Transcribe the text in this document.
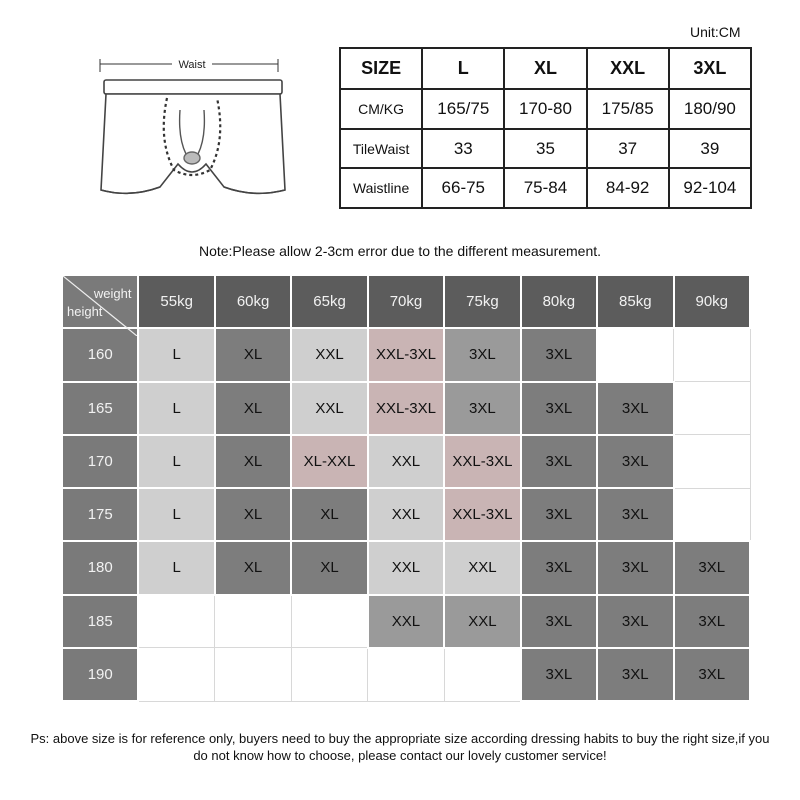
Unit:CM
Waist	SIZE	L	XL	XXL	3XL
CM/KG	165/75	170-80	175/85	180/90
TileWaist	33	35	37	39
Waistline	66-75	75-84	84-92	92-104
Note:Please allow 2-3cm error due to the different measurement.
weight
height	55kg	60kg	65kg	70kg	75kg	80kg	85kg	90kg
160	L	XL	XXL	XXL-3XL	3XL	3XL		
165	L	XL	XXL	XXL-3XL	3XL	3XL	3XL	
170	L	XL	XL-XXL	XXL	XXL-3XL	3XL	3XL	
175	L	XL	XL	XXL	XXL-3XL	3XL	3XL	
180	L	XL	XL	XXL	XXL	3XL	3XL	3XL
185				XXL	XXL	3XL	3XL	3XL
190						3XL	3XL	3XL
Ps: above size is for reference only, buyers need to buy the appropriate size according dressing habits to buy the right size,if you do not know how to choose, please contact our lovely customer service!
